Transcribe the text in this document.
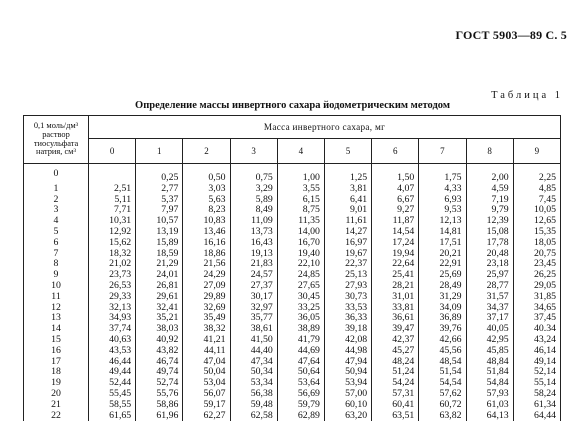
ГОСТ 5903—89 С. 5
Таблица 1
Определение массы инвертного сахара йодометрическим методом
0,1 моль/дм³
раствор
тиосульфата
натрия, см³	Масса инвертного сахара, мг									
	0	1	2	3	4	5	6	7	8	9
0		0,25	0,50	0,75	1,00	1,25	1,50	1,75	2,00	2,25
1	2,51	2,77	3,03	3,29	3,55	3,81	4,07	4,33	4,59	4,85
2	5,11	5,37	5,63	5,89	6,15	6,41	6,67	6,93	7,19	7,45
3	7,71	7,97	8,23	8,49	8,75	9,01	9,27	9,53	9,79	10,05
4	10,31	10,57	10,83	11,09	11,35	11,61	11,87	12,13	12,39	12,65
5	12,92	13,19	13,46	13,73	14,00	14,27	14,54	14,81	15,08	15,35
6	15,62	15,89	16,16	16,43	16,70	16,97	17,24	17,51	17,78	18,05
7	18,32	18,59	18,86	19,13	19,40	19,67	19,94	20,21	20,48	20,75
8	21,02	21,29	21,56	21,83	22,10	22,37	22,64	22,91	23,18	23,45
9	23,73	24,01	24,29	24,57	24,85	25,13	25,41	25,69	25,97	26,25
10	26,53	26,81	27,09	27,37	27,65	27,93	28,21	28,49	28,77	29,05
11	29,33	29,61	29,89	30,17	30,45	30,73	31,01	31,29	31,57	31,85
12	32,13	32,41	32,69	32,97	33,25	33,53	33,81	34,09	34,37	34,65
13	34,93	35,21	35,49	35,77	36,05	36,33	36,61	36,89	37,17	37,45
14	37,74	38,03	38,32	38,61	38,89	39,18	39,47	39,76	40,05	40.34
15	40,63	40,92	41,21	41,50	41,79	42,08	42,37	42,66	42,95	43,24
16	43,53	43,82	44,11	44,40	44,69	44,98	45,27	45,56	45,85	46,14
17	46,44	46,74	47,04	47,34	47,64	47,94	48,24	48,54	48,84	49,14
18	49,44	49,74	50,04	50,34	50,64	50,94	51,24	51,54	51,84	52,14
19	52,44	52,74	53,04	53,34	53,64	53,94	54,24	54,54	54,84	55,14
20	55,45	55,76	56,07	56,38	56,69	57,00	57,31	57,62	57,93	58,24
21	58,55	58,86	59,17	59,48	59,79	60,10	60,41	60,72	61,03	61,34
22	61,65	61,96	62,27	62,58	62,89	63,20	63,51	63,82	64,13	64,44
